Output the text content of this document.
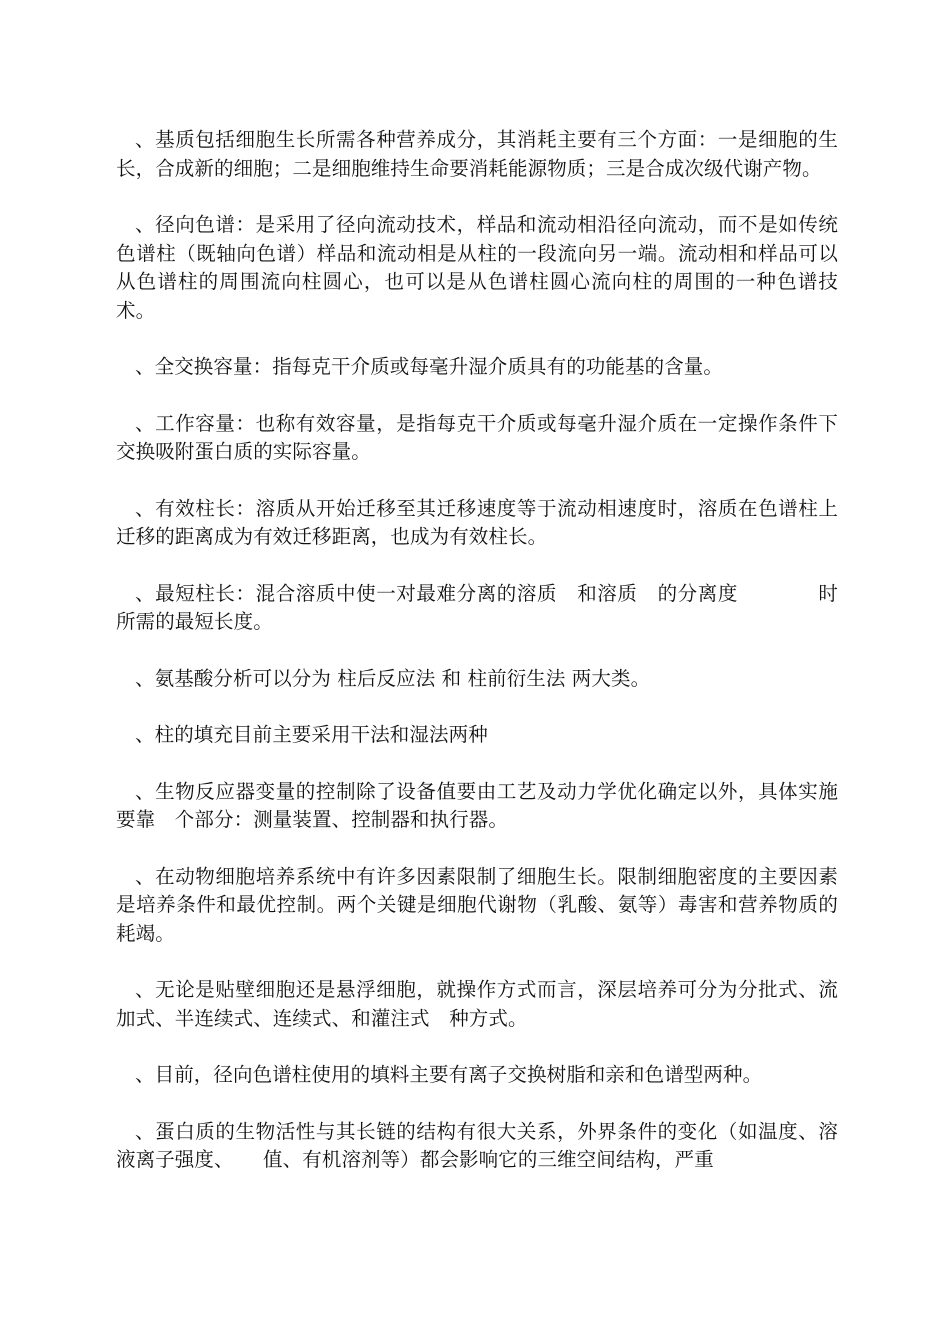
、基质包括细胞生长所需各种营养成分，其消耗主要有三个方面：一是细胞的生长，合成新的细胞；二是细胞维持生命要消耗能源物质；三是合成次级代谢产物。

、径向色谱：是采用了径向流动技术，样品和流动相沿径向流动，而不是如传统色谱柱（既轴向色谱）样品和流动相是从柱的一段流向另一端。流动相和样品可以从色谱柱的周围流向柱圆心，也可以是从色谱柱圆心流向柱的周围的一种色谱技术。

、全交换容量：指每克干介质或每毫升湿介质具有的功能基的含量。

、工作容量：也称有效容量，是指每克干介质或每毫升湿介质在一定操作条件下交换吸附蛋白质的实际容量。

、有效柱长：溶质从开始迁移至其迁移速度等于流动相速度时，溶质在色谱柱上迁移的距离成为有效迁移距离，也成为有效柱长。

、最短柱长：混合溶质中使一对最难分离的溶质　和溶质　的分离度　　　　时所需的最短长度。

、氨基酸分析可以分为 柱后反应法 和 柱前衍生法 两大类。

、柱的填充目前主要采用干法和湿法两种

、生物反应器变量的控制除了设备值要由工艺及动力学优化确定以外，具体实施要靠　个部分：测量装置、控制器和执行器。

、在动物细胞培养系统中有许多因素限制了细胞生长。限制细胞密度的主要因素是培养条件和最优控制。两个关键是细胞代谢物（乳酸、氨等）毒害和营养物质的耗竭。

、无论是贴壁细胞还是悬浮细胞，就操作方式而言，深层培养可分为分批式、流加式、半连续式、连续式、和灌注式　种方式。

、目前，径向色谱柱使用的填料主要有离子交换树脂和亲和色谱型两种。

、蛋白质的生物活性与其长链的结构有很大关系，外界条件的变化（如温度、溶液离子强度、　　值、有机溶剂等）都会影响它的三维空间结构，严重
